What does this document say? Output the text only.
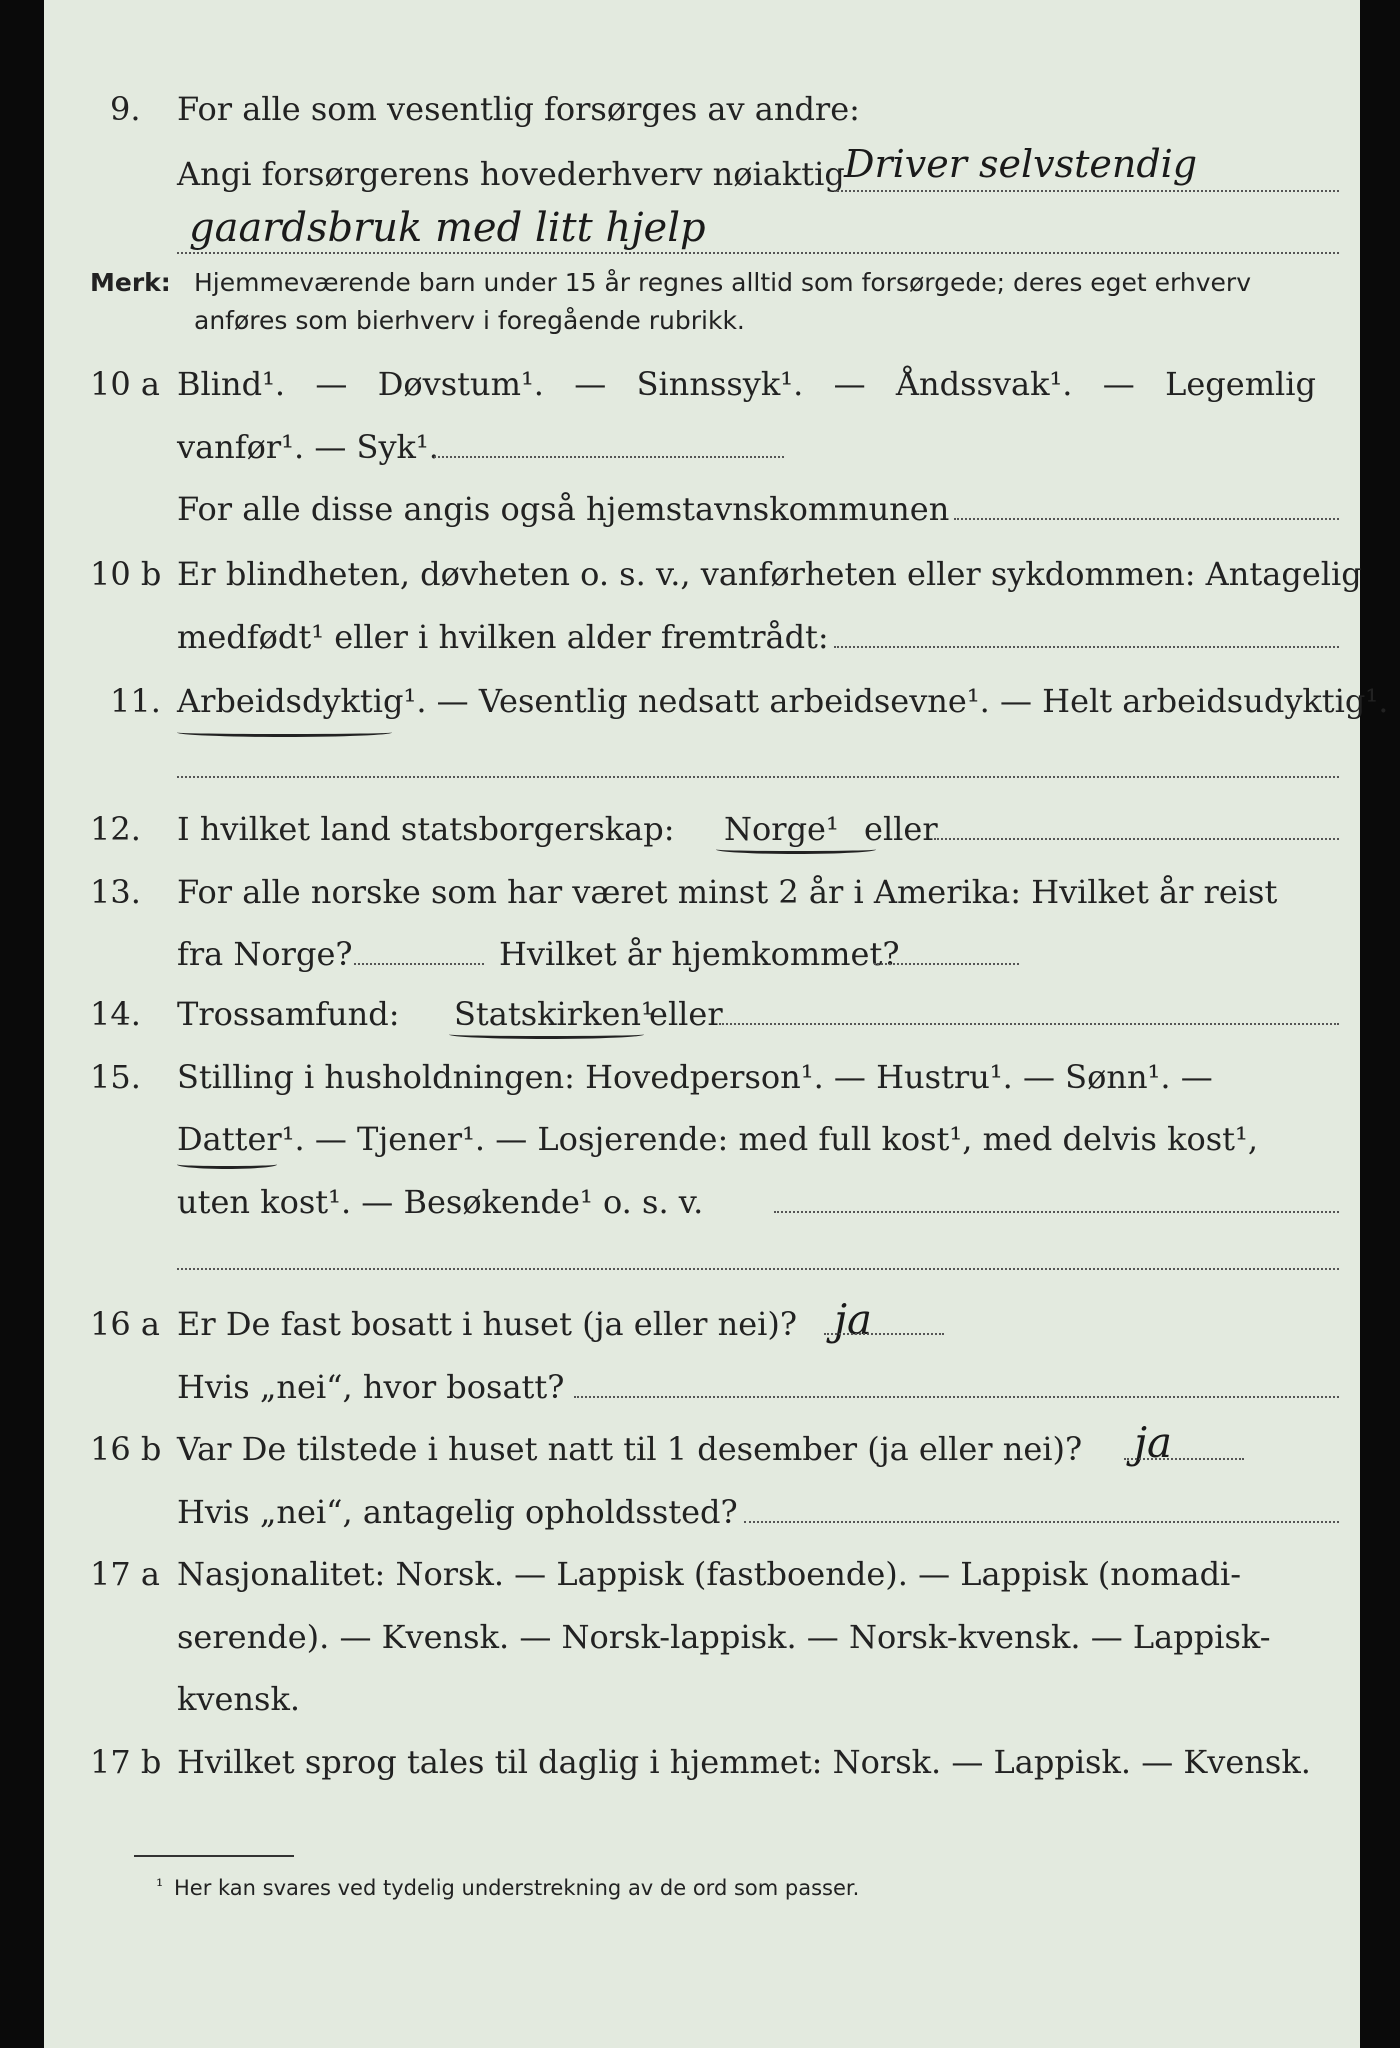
9. For alle som vesentlig forsørges av andre:
Angi forsørgerens hovederhverv nøiaktig Driver selvstendig
gaardsbruk med litt hjelp
Merk: Hjemmeværende barn under 15 år regnes alltid som forsørgede; deres eget erhverv
anføres som bierhverv i foregående rubrikk.
10 a Blind¹. — Døvstum¹. — Sinnssyk¹. — Åndssvak¹. — Legemlig
vanfør¹. — Syk¹.
For alle disse angis også hjemstavnskommunen
10 b Er blindheten, døvheten o. s. v., vanførheten eller sykdommen: Antagelig
medfødt¹ eller i hvilken alder fremtrådt:
11. Arbeidsdyktig¹. — Vesentlig nedsatt arbeidsevne¹. — Helt arbeidsudyktig¹.
12. I hvilket land statsborgerskap: Norge¹ eller
13. For alle norske som har været minst 2 år i Amerika: Hvilket år reist
fra Norge?	Hvilket år hjemkommet?
14. Trossamfund: Statskirken¹
eller
15. Stilling i husholdningen: Hovedperson¹. — Hustru¹. — Sønn¹. —
Datter¹. — Tjener¹. — Losjerende: med full kost¹, med delvis kost¹,
uten kost¹. — Besøkende¹ o. s. v.
16 a Er De fast bosatt i huset (ja eller nei)? ja
Hvis „nei“, hvor bosatt?
16 b Var De tilstede i huset natt til 1 desember (ja eller nei)? ja
Hvis „nei“, antagelig opholdssted?
17 a Nasjonalitet: Norsk. — Lappisk (fastboende). — Lappisk (nomadi-
serende). — Kvensk. — Norsk-lappisk. — Norsk-kvensk. — Lappisk-
kvensk.
17 b Hvilket sprog tales til daglig i hjemmet: Norsk. — Lappisk. — Kvensk.
¹ Her kan svares ved tydelig understrekning av de ord som passer.
